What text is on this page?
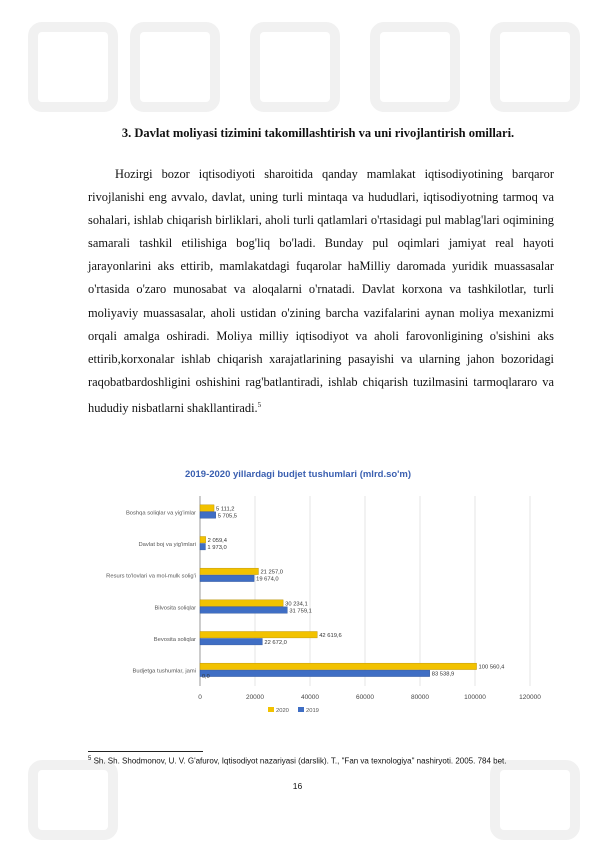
3. Davlat moliyasi tizimini takomillashtirish va uni rivojlantirish omillari.
Hozirgi bozor iqtisodiyoti sharoitida qanday mamlakat iqtisodiyotining barqaror rivojlanishi eng avvalo, davlat, uning turli mintaqa va hududlari, iqtisodiyotning tarmoq va sohalari, ishlab chiqarish birliklari, aholi turli qatlamlari o'rtasidagi pul mablag'lari oqimining samarali tashkil etilishiga bog'liq bo'ladi. Bunday pul oqimlari jamiyat real hayoti jarayonlarini aks ettirib, mamlakatdagi fuqarolar haMilliy daromada yuridik muassasalar o'rtasida o'zaro munosabat va aloqalarni o'rnatadi. Davlat korxona va tashkilotlar, turli moliyaviy muassasalar, aholi ustidan o'zining barcha vazifalarini aynan moliya mexanizmi orqali amalga oshiradi. Moliya milliy iqtisodiyot va aholi farovonligining o'sishini aks ettirib,korxonalar ishlab chiqarish xarajatlarining pasayishi va ularning jahon bozoridagi raqobatbardoshligini oshishini rag'batlantiradi, ishlab chiqarish tuzilmasini tarmoqlararo va hududiy nisbatlarni shakllantiradi.$^5$
2019-2020 yillardagi budjet tushumlari (mlrd.so'm)
0	20000	40000	60000	80000	100000	120000
Budjetga tushumlar, jami
100 560,4
83 538,9
Bevosita soliqlar
42 619,6
22 672,0
Bilvosita soliqlar
30 234,1
31 759,1
Resurs to'lovlari va mol-mulk solig'i
21 257,0
19 674,0
Davlat boj va yig'imlari
2 059,4
1 973,0
Boshqa soliqlar va yig'imlar
5 111,2
5 705,5
0,0
2020	2019
$^5$ Sh. Sh. Shodmonov, U. V. G'afurov, Iqtisodiyot nazariyasi (darslik). T., "Fan va texnologiya" nashiryoti. 2005. 784 bet.
16
